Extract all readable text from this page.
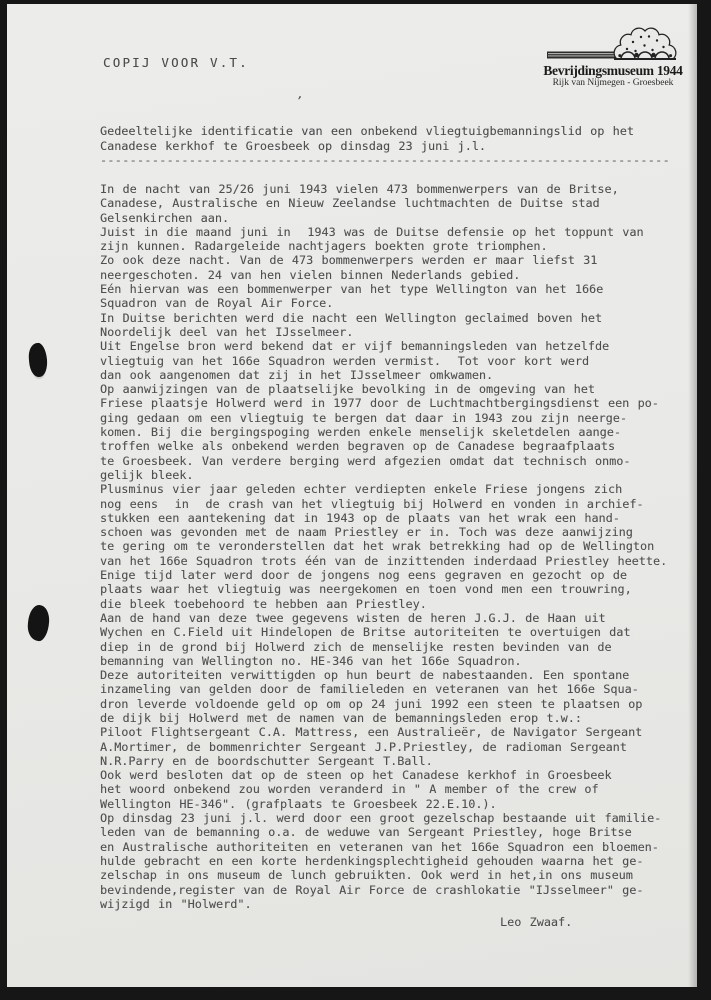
COPIJ VOOR V.T.
Bevrijdingsmuseum 1944
Rijk van Nijmegen - Groesbeek
’
Gedeeltelijke identificatie van een onbekend vliegtuigbemanningslid op het
Canadese kerkhof te Groesbeek op dinsdag 23 juni j.l.
-----------------------------------------------------------------------------
In de nacht van 25/26 juni 1943 vielen 473 bommenwerpers van de Britse,
Canadese, Australische en Nieuw Zeelandse luchtmachten de Duitse stad
Gelsenkirchen aan.
Juist in die maand juni in  1943 was de Duitse defensie op het toppunt van
zijn kunnen. Radargeleide nachtjagers boekten grote triomphen.
Zo ook deze nacht. Van de 473 bommenwerpers werden er maar liefst 31
neergeschoten. 24 van hen vielen binnen Nederlands gebied.
Eén hiervan was een bommenwerper van het type Wellington van het 166e
Squadron van de Royal Air Force.
In Duitse berichten werd die nacht een Wellington geclaimed boven het
Noordelijk deel van het IJsselmeer.
Uit Engelse bron werd bekend dat er vijf bemanningsleden van hetzelfde
vliegtuig van het 166e Squadron werden vermist.  Tot voor kort werd
dan ook aangenomen dat zij in het IJsselmeer omkwamen.
Op aanwijzingen van de plaatselijke bevolking in de omgeving van het
Friese plaatsje Holwerd werd in 1977 door de Luchtmachtbergingsdienst een po-
ging gedaan om een vliegtuig te bergen dat daar in 1943 zou zijn neerge-
komen. Bij die bergingspoging werden enkele menselijk skeletdelen aange-
troffen welke als onbekend werden begraven op de Canadese begraafplaats
te Groesbeek. Van verdere berging werd afgezien omdat dat technisch onmo-
gelijk bleek.
Plusminus vier jaar geleden echter verdiepten enkele Friese jongens zich
nog eens  in  de crash van het vliegtuig bij Holwerd en vonden in archief-
stukken een aantekening dat in 1943 op de plaats van het wrak een hand-
schoen was gevonden met de naam Priestley er in. Toch was deze aanwijzing
te gering om te veronderstellen dat het wrak betrekking had op de Wellington
van het 166e Squadron trots één van de inzittenden inderdaad Priestley heette.
Enige tijd later werd door de jongens nog eens gegraven en gezocht op de
plaats waar het vliegtuig was neergekomen en toen vond men een trouwring,
die bleek toebehoord te hebben aan Priestley.
Aan de hand van deze twee gegevens wisten de heren J.G.J. de Haan uit
Wychen en C.Field uit Hindelopen de Britse autoriteiten te overtuigen dat
diep in de grond bij Holwerd zich de menselijke resten bevinden van de
bemanning van Wellington no. HE-346 van het 166e Squadron.
Deze autoriteiten verwittigden op hun beurt de nabestaanden. Een spontane
inzameling van gelden door de familieleden en veteranen van het 166e Squa-
dron leverde voldoende geld op om op 24 juni 1992 een steen te plaatsen op
de dijk bij Holwerd met de namen van de bemanningsleden erop t.w.:
Piloot Flightsergeant C.A. Mattress, een Australieër, de Navigator Sergeant
A.Mortimer, de bommenrichter Sergeant J.P.Priestley, de radioman Sergeant
N.R.Parry en de boordschutter Sergeant T.Ball.
Ook werd besloten dat op de steen op het Canadese kerkhof in Groesbeek
het woord onbekend zou worden veranderd in " A member of the crew of
Wellington HE-346". (grafplaats te Groesbeek 22.E.10.).
Op dinsdag 23 juni j.l. werd door een groot gezelschap bestaande uit familie-
leden van de bemanning o.a. de weduwe van Sergeant Priestley, hoge Britse
en Australische authoriteiten en veteranen van het 166e Squadron een bloemen-
hulde gebracht en een korte herdenkingsplechtigheid gehouden waarna het ge-
zelschap in ons museum de lunch gebruikten. Ook werd in het,in ons museum
bevindende,register van de Royal Air Force de crashlokatie "IJsselmeer" ge-
wijzigd in "Holwerd".
Leo Zwaaf.
